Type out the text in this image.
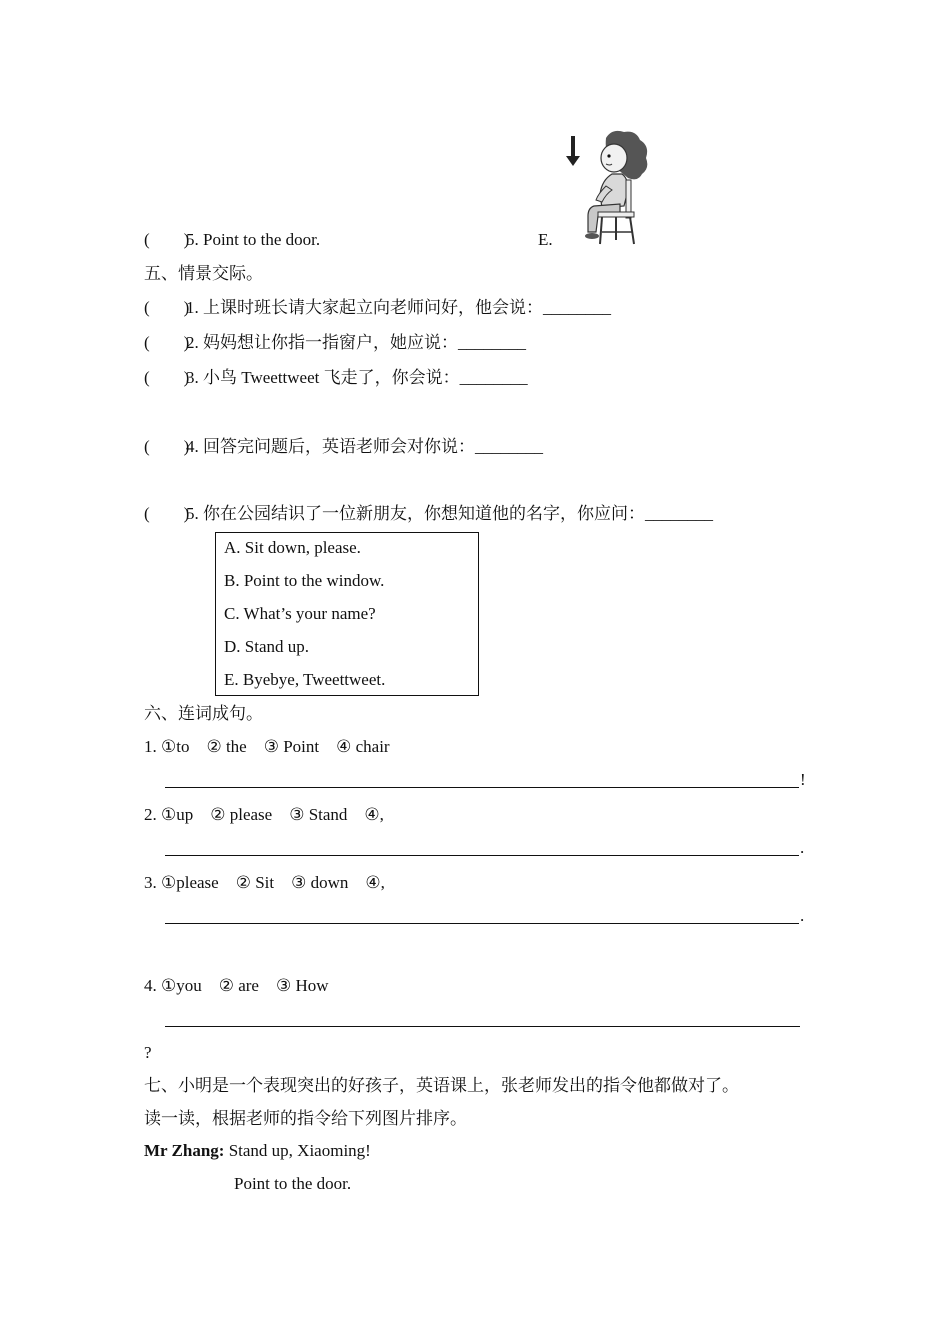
(        )5. Point to the door.	E.
五、情景交际。
(        )1. 上课时班长请大家起立向老师问好，他会说：________
(        )2. 妈妈想让你指一指窗户，她应说：________
(        )3. 小鸟 Tweettweet 飞走了，你会说：________
(        )4. 回答完问题后，英语老师会对你说：________
(        )5. 你在公园结识了一位新朋友，你想知道他的名字，你应问：________
A. Sit down, please.
B. Point to the window.
C. What’s your name?
D. Stand up.
E. Byebye, Tweettweet.
六、连词成句。
1. ①to    ② the    ③ Point    ④ chair
!
2. ①up    ② please    ③ Stand    ④,
.
3. ①please    ② Sit    ③ down    ④,
.
4. ①you    ② are    ③ How
?
七、小明是一个表现突出的好孩子，英语课上，张老师发出的指令他都做对了。
读一读，根据老师的指令给下列图片排序。
Mr Zhang: Stand up, Xiaoming!
Point to the door.
